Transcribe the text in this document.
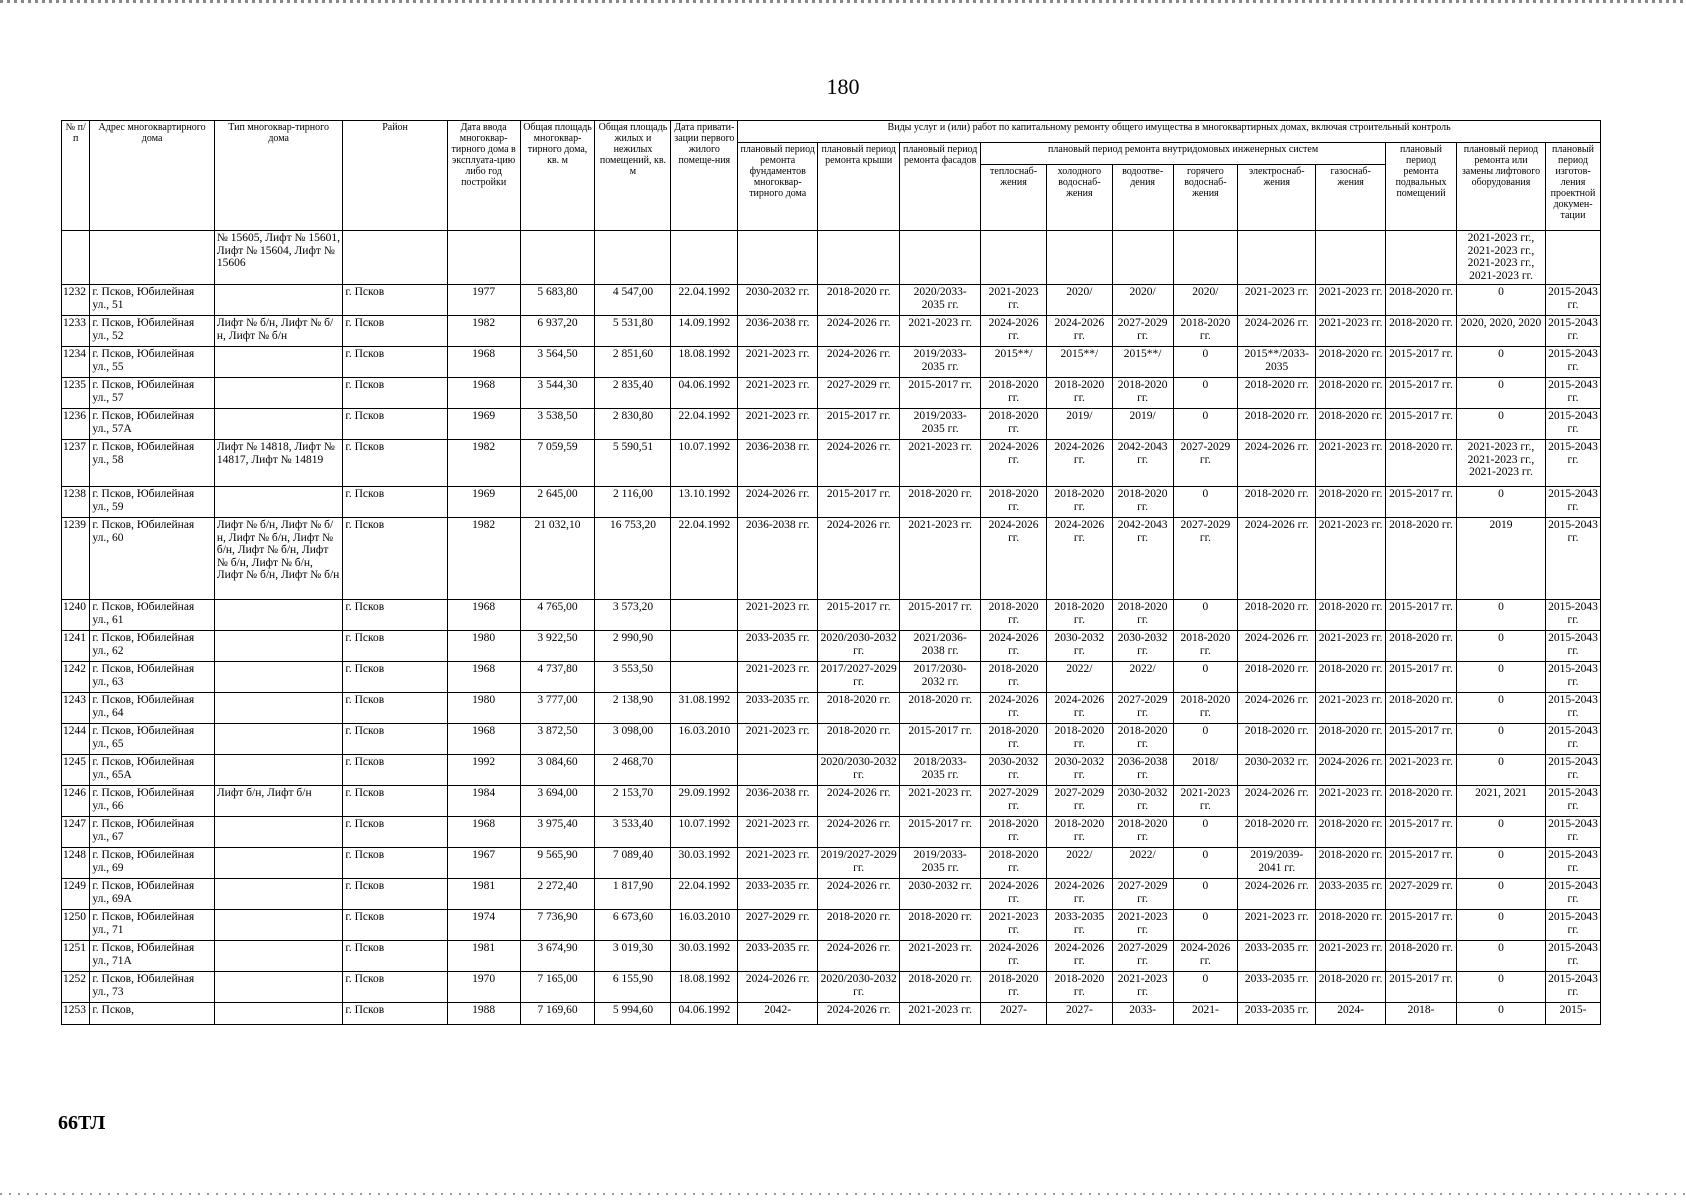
180
№ п/п	Адрес многоквартирного дома	Тип многоквар-тирного дома	Район	Дата ввода многоквар-тирного дома в эксплуата-цию либо год постройки	Общая площадь многоквар-тирного дома, кв. м	Общая площадь жилых и нежилых помещений, кв. м	Дата привати-зации первого жилого помеще-ния	Виды услуг и (или) работ по капитальному ремонту общего имущества в многоквартирных домах, включая строительный контроль											
								плановый период ремонта фундаментов многоквар-тирного дома	плановый период ремонта крыши	плановый период ремонта фасадов	плановый период ремонта внутридомовых инженерных систем						плановый период ремонта подвальных помещений	плановый период ремонта или замены лифтового оборудования	плановый период изготов-ления проектной докумен-тации
											теплоснаб-жения	холодного водоснаб-жения	водоотве-дения	горячего водоснаб-жения	электроснаб-жения	газоснаб-жения			
		№ 15605, Лифт № 15601, Лифт № 15604, Лифт № 15606																2021-2023 гг., 2021-2023 гг., 2021-2023 гг., 2021-2023 гг.	
1232	г. Псков, Юбилейная ул., 51		г. Псков	1977	5 683,80	4 547,00	22.04.1992	2030-2032 гг.	2018-2020 гг.	2020/2033-2035 гг.	2021-2023 гг.	2020/	2020/	2020/	2021-2023 гг.	2021-2023 гг.	2018-2020 гг.	0	2015-2043 гг.
1233	г. Псков, Юбилейная ул., 52	Лифт № б/н, Лифт № б/н, Лифт № б/н	г. Псков	1982	6 937,20	5 531,80	14.09.1992	2036-2038 гг.	2024-2026 гг.	2021-2023 гг.	2024-2026 гг.	2024-2026 гг.	2027-2029 гг.	2018-2020 гг.	2024-2026 гг.	2021-2023 гг.	2018-2020 гг.	2020, 2020, 2020	2015-2043 гг.
1234	г. Псков, Юбилейная ул., 55		г. Псков	1968	3 564,50	2 851,60	18.08.1992	2021-2023 гг.	2024-2026 гг.	2019/2033-2035 гг.	2015**/	2015**/	2015**/	0	2015**/2033-2035	2018-2020 гг.	2015-2017 гг.	0	2015-2043 гг.
1235	г. Псков, Юбилейная ул., 57		г. Псков	1968	3 544,30	2 835,40	04.06.1992	2021-2023 гг.	2027-2029 гг.	2015-2017 гг.	2018-2020 гг.	2018-2020 гг.	2018-2020 гг.	0	2018-2020 гг.	2018-2020 гг.	2015-2017 гг.	0	2015-2043 гг.
1236	г. Псков, Юбилейная ул., 57А		г. Псков	1969	3 538,50	2 830,80	22.04.1992	2021-2023 гг.	2015-2017 гг.	2019/2033-2035 гг.	2018-2020 гг.	2019/	2019/	0	2018-2020 гг.	2018-2020 гг.	2015-2017 гг.	0	2015-2043 гг.
1237	г. Псков, Юбилейная ул., 58	Лифт № 14818, Лифт № 14817, Лифт № 14819	г. Псков	1982	7 059,59	5 590,51	10.07.1992	2036-2038 гг.	2024-2026 гг.	2021-2023 гг.	2024-2026 гг.	2024-2026 гг.	2042-2043 гг.	2027-2029 гг.	2024-2026 гг.	2021-2023 гг.	2018-2020 гг.	2021-2023 гг., 2021-2023 гг., 2021-2023 гг.	2015-2043 гг.
1238	г. Псков, Юбилейная ул., 59		г. Псков	1969	2 645,00	2 116,00	13.10.1992	2024-2026 гг.	2015-2017 гг.	2018-2020 гг.	2018-2020 гг.	2018-2020 гг.	2018-2020 гг.	0	2018-2020 гг.	2018-2020 гг.	2015-2017 гг.	0	2015-2043 гг.
1239	г. Псков, Юбилейная ул., 60	Лифт № б/н, Лифт № б/н, Лифт № б/н, Лифт № б/н, Лифт № б/н, Лифт № б/н, Лифт № б/н, Лифт № б/н, Лифт № б/н	г. Псков	1982	21 032,10	16 753,20	22.04.1992	2036-2038 гг.	2024-2026 гг.	2021-2023 гг.	2024-2026 гг.	2024-2026 гг.	2042-2043 гг.	2027-2029 гг.	2024-2026 гг.	2021-2023 гг.	2018-2020 гг.	2019	2015-2043 гг.
1240	г. Псков, Юбилейная ул., 61		г. Псков	1968	4 765,00	3 573,20		2021-2023 гг.	2015-2017 гг.	2015-2017 гг.	2018-2020 гг.	2018-2020 гг.	2018-2020 гг.	0	2018-2020 гг.	2018-2020 гг.	2015-2017 гг.	0	2015-2043 гг.
1241	г. Псков, Юбилейная ул., 62		г. Псков	1980	3 922,50	2 990,90		2033-2035 гг.	2020/2030-2032 гг.	2021/2036-2038 гг.	2024-2026 гг.	2030-2032 гг.	2030-2032 гг.	2018-2020 гг.	2024-2026 гг.	2021-2023 гг.	2018-2020 гг.	0	2015-2043 гг.
1242	г. Псков, Юбилейная ул., 63		г. Псков	1968	4 737,80	3 553,50		2021-2023 гг.	2017/2027-2029 гг.	2017/2030-2032 гг.	2018-2020 гг.	2022/	2022/	0	2018-2020 гг.	2018-2020 гг.	2015-2017 гг.	0	2015-2043 гг.
1243	г. Псков, Юбилейная ул., 64		г. Псков	1980	3 777,00	2 138,90	31.08.1992	2033-2035 гг.	2018-2020 гг.	2018-2020 гг.	2024-2026 гг.	2024-2026 гг.	2027-2029 гг.	2018-2020 гг.	2024-2026 гг.	2021-2023 гг.	2018-2020 гг.	0	2015-2043 гг.
1244	г. Псков, Юбилейная ул., 65		г. Псков	1968	3 872,50	3 098,00	16.03.2010	2021-2023 гг.	2018-2020 гг.	2015-2017 гг.	2018-2020 гг.	2018-2020 гг.	2018-2020 гг.	0	2018-2020 гг.	2018-2020 гг.	2015-2017 гг.	0	2015-2043 гг.
1245	г. Псков, Юбилейная ул., 65А		г. Псков	1992	3 084,60	2 468,70			2020/2030-2032 гг.	2018/2033-2035 гг.	2030-2032 гг.	2030-2032 гг.	2036-2038 гг.	2018/	2030-2032 гг.	2024-2026 гг.	2021-2023 гг.	0	2015-2043 гг.
1246	г. Псков, Юбилейная ул., 66	Лифт б/н, Лифт б/н	г. Псков	1984	3 694,00	2 153,70	29.09.1992	2036-2038 гг.	2024-2026 гг.	2021-2023 гг.	2027-2029 гг.	2027-2029 гг.	2030-2032 гг.	2021-2023 гг.	2024-2026 гг.	2021-2023 гг.	2018-2020 гг.	2021, 2021	2015-2043 гг.
1247	г. Псков, Юбилейная ул., 67		г. Псков	1968	3 975,40	3 533,40	10.07.1992	2021-2023 гг.	2024-2026 гг.	2015-2017 гг.	2018-2020 гг.	2018-2020 гг.	2018-2020 гг.	0	2018-2020 гг.	2018-2020 гг.	2015-2017 гг.	0	2015-2043 гг.
1248	г. Псков, Юбилейная ул., 69		г. Псков	1967	9 565,90	7 089,40	30.03.1992	2021-2023 гг.	2019/2027-2029 гг.	2019/2033-2035 гг.	2018-2020 гг.	2022/	2022/	0	2019/2039-2041 гг.	2018-2020 гг.	2015-2017 гг.	0	2015-2043 гг.
1249	г. Псков, Юбилейная ул., 69А		г. Псков	1981	2 272,40	1 817,90	22.04.1992	2033-2035 гг.	2024-2026 гг.	2030-2032 гг.	2024-2026 гг.	2024-2026 гг.	2027-2029 гг.	0	2024-2026 гг.	2033-2035 гг.	2027-2029 гг.	0	2015-2043 гг.
1250	г. Псков, Юбилейная ул., 71		г. Псков	1974	7 736,90	6 673,60	16.03.2010	2027-2029 гг.	2018-2020 гг.	2018-2020 гг.	2021-2023 гг.	2033-2035 гг.	2021-2023 гг.	0	2021-2023 гг.	2018-2020 гг.	2015-2017 гг.	0	2015-2043 гг.
1251	г. Псков, Юбилейная ул., 71А		г. Псков	1981	3 674,90	3 019,30	30.03.1992	2033-2035 гг.	2024-2026 гг.	2021-2023 гг.	2024-2026 гг.	2024-2026 гг.	2027-2029 гг.	2024-2026 гг.	2033-2035 гг.	2021-2023 гг.	2018-2020 гг.	0	2015-2043 гг.
1252	г. Псков, Юбилейная ул., 73		г. Псков	1970	7 165,00	6 155,90	18.08.1992	2024-2026 гг.	2020/2030-2032 гг.	2018-2020 гг.	2018-2020 гг.	2018-2020 гг.	2021-2023 гг.	0	2033-2035 гг.	2018-2020 гг.	2015-2017 гг.	0	2015-2043 гг.
1253	г. Псков,		г. Псков	1988	7 169,60	5 994,60	04.06.1992	2042-	2024-2026 гг.	2021-2023 гг.	2027-	2027-	2033-	2021-	2033-2035 гг.	2024-	2018-	0	2015-
66ТЛ
